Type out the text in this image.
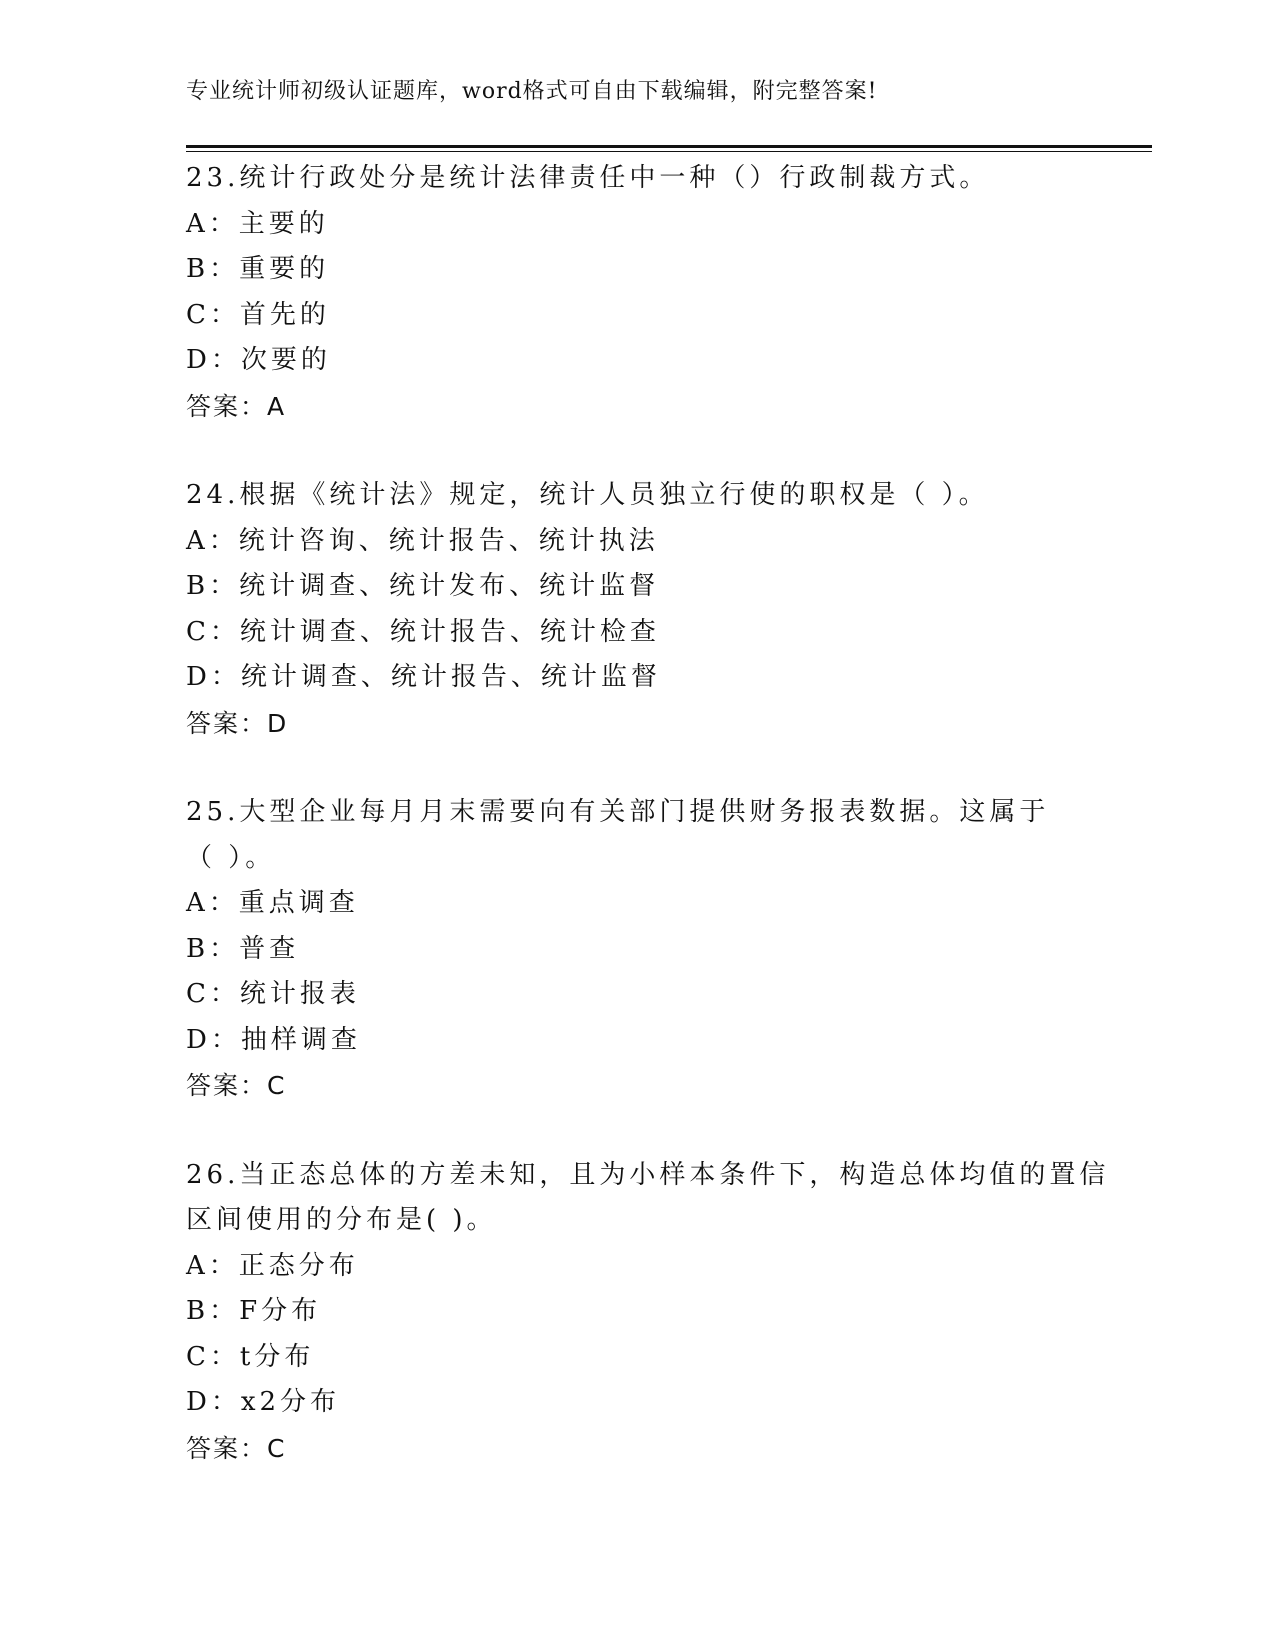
专业统计师初级认证题库，word格式可自由下载编辑，附完整答案!
23.统计行政处分是统计法律责任中一种（）行政制裁方式。
A：主要的
B：重要的
C：首先的
D：次要的
答案：A
24.根据《统计法》规定，统计人员独立行使的职权是（ ）。
A：统计咨询、统计报告、统计执法
B：统计调查、统计发布、统计监督
C：统计调查、统计报告、统计检查
D：统计调查、统计报告、统计监督
答案：D
25.大型企业每月月末需要向有关部门提供财务报表数据。这属于
（ ）。
A：重点调查
B：普查
C：统计报表
D：抽样调查
答案：C
26.当正态总体的方差未知，且为小样本条件下，构造总体均值的置信
区间使用的分布是( )。
A：正态分布
B：F分布
C：t分布
D：x2分布
答案：C
